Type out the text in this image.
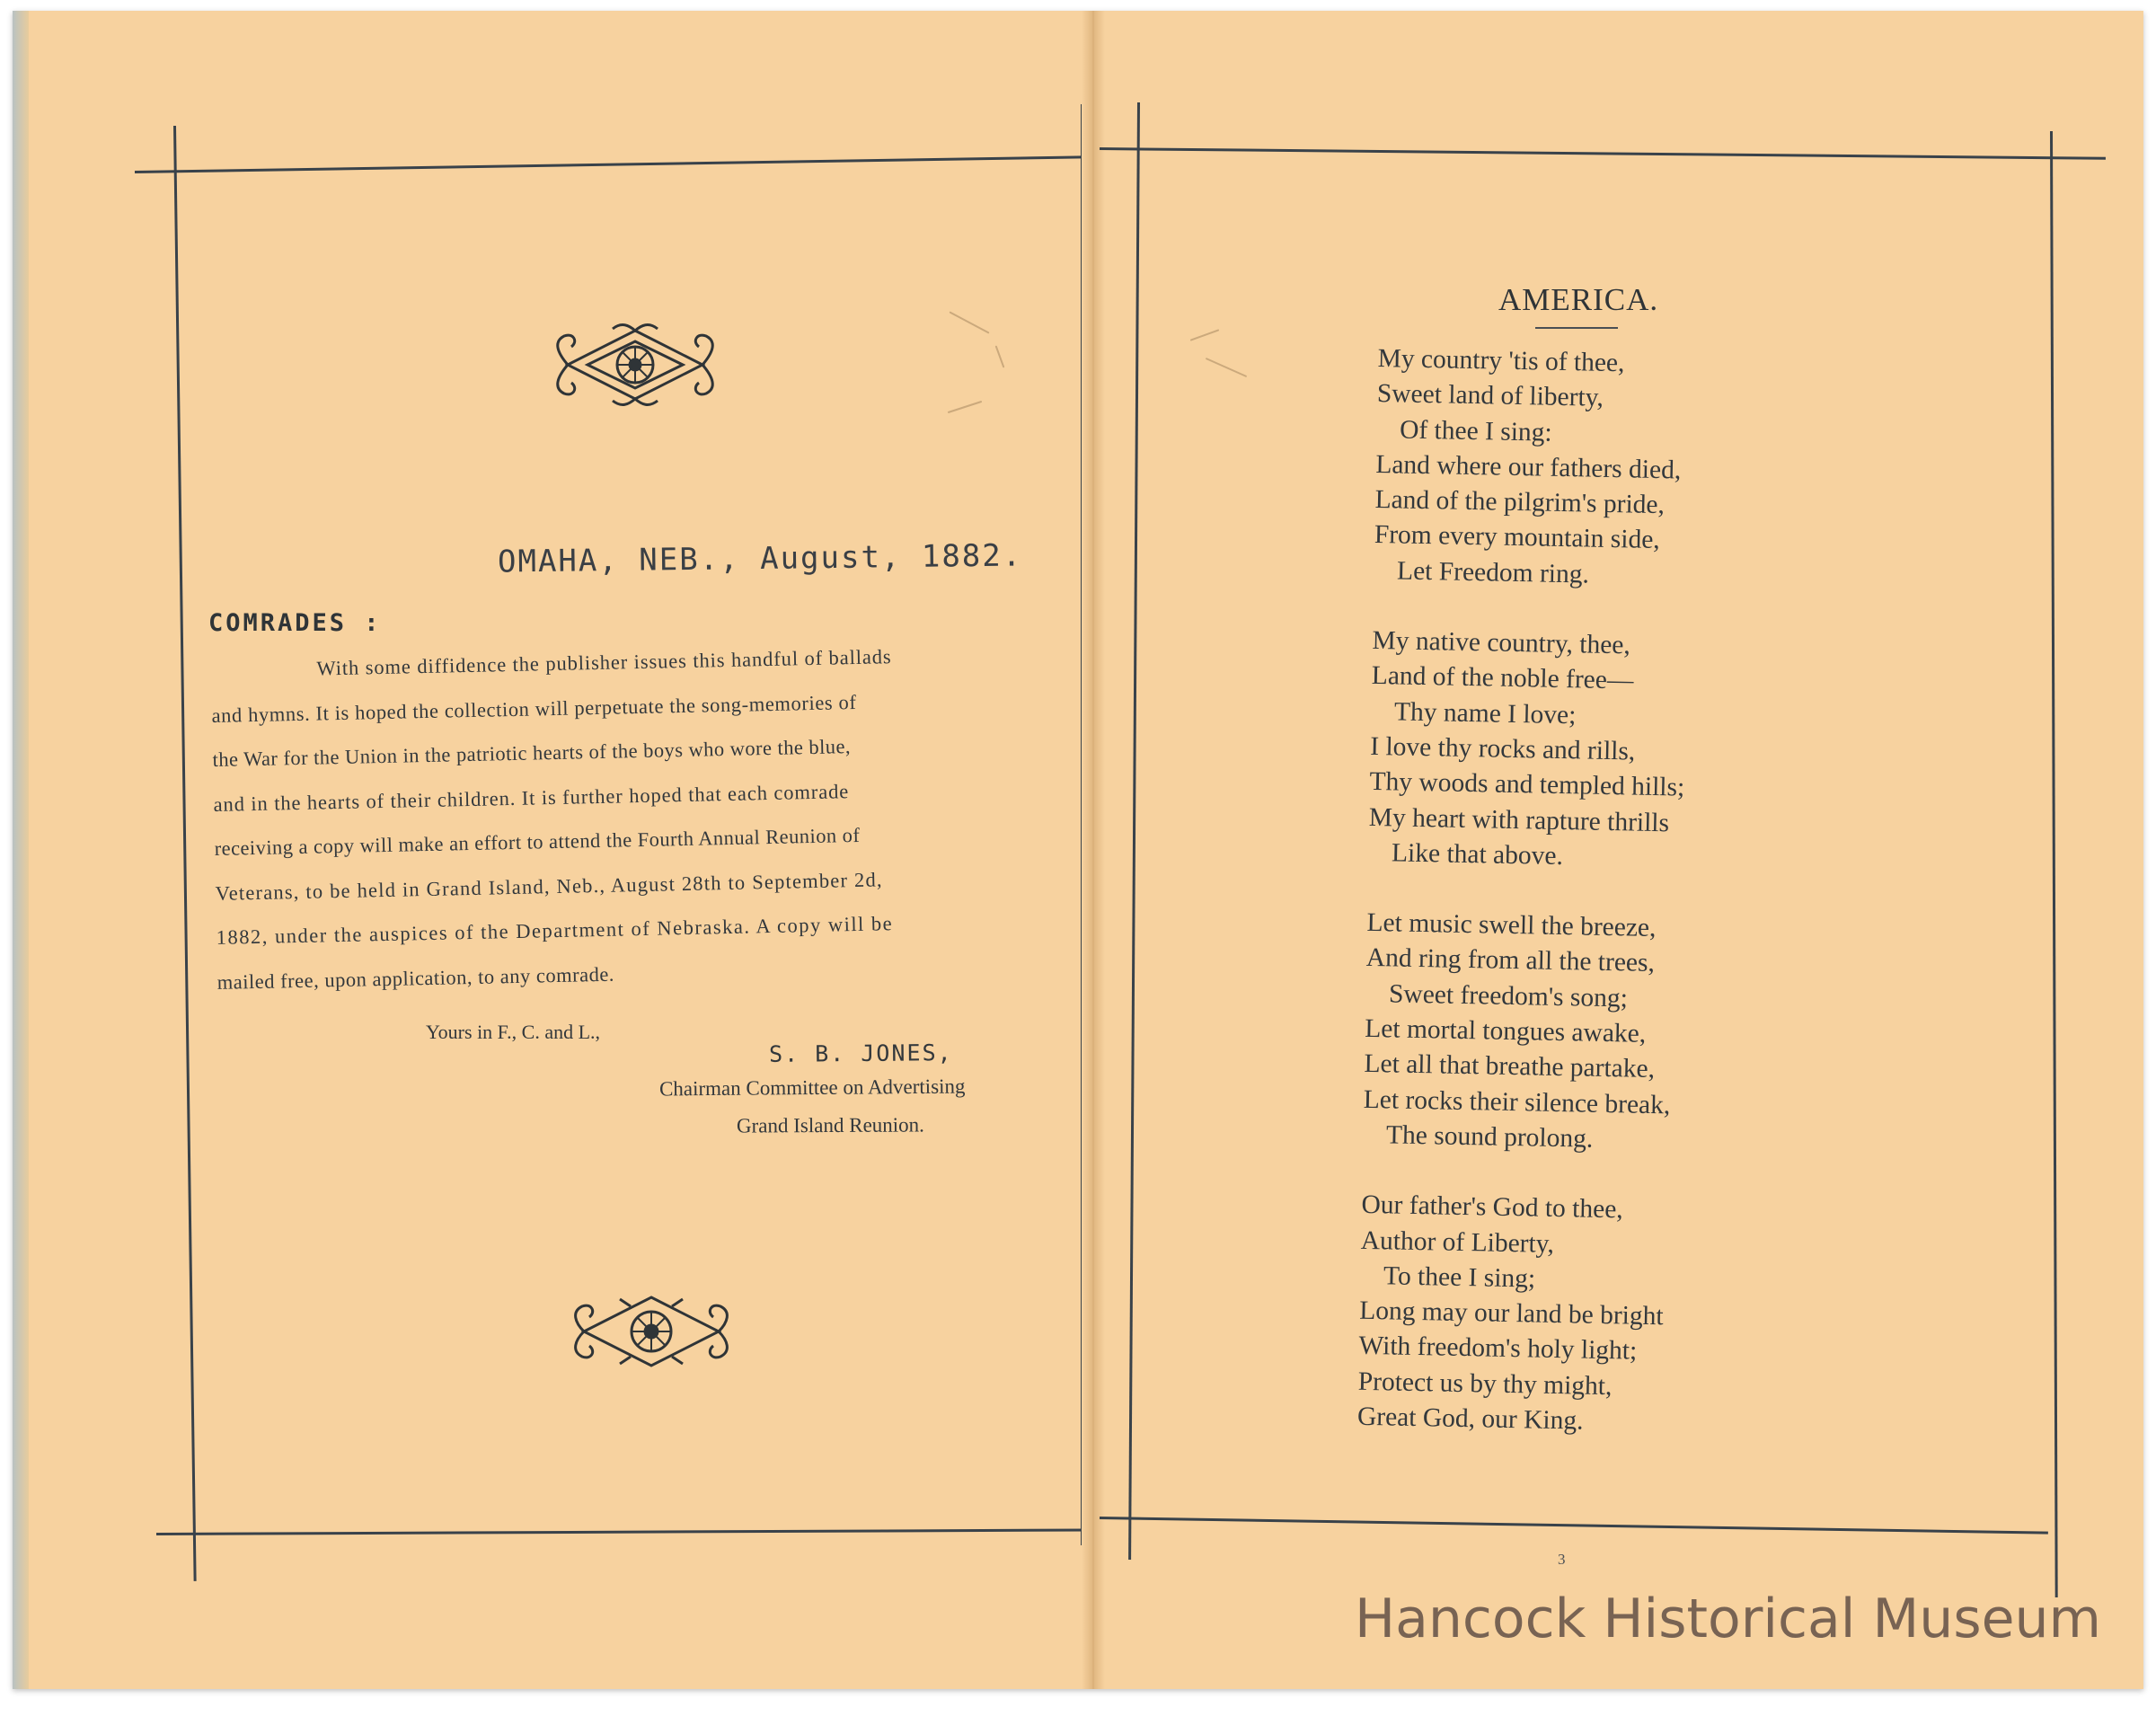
OMAHA, NEB., August, 1882.
COMRADES :
With some diffidence the publisher issues this handful of ballads
and hymns. It is hoped the collection will perpetuate the song-memories of
the War for the Union in the patriotic hearts of the boys who wore the blue,
and in the hearts of their children. It is further hoped that each comrade
receiving a copy will make an effort to attend the Fourth Annual Reunion of
Veterans, to be held in Grand Island, Neb., August 28th to September 2d,
1882, under the auspices of the Department of Nebraska. A copy will be
mailed free, upon application, to any comrade.
Yours in F., C. and L.,
S. B. JONES,
Chairman Committee on Advertising
Grand Island Reunion.
AMERICA.
My country 'tis of thee,
Sweet land of liberty,
Of thee I sing:
Land where our fathers died,
Land of the pilgrim's pride,
From every mountain side,
Let Freedom ring.
My native country, thee,
Land of the noble free—
Thy name I love;
I love thy rocks and rills,
Thy woods and templed hills;
My heart with rapture thrills
Like that above.
Let music swell the breeze,
And ring from all the trees,
Sweet freedom's song;
Let mortal tongues awake,
Let all that breathe partake,
Let rocks their silence break,
The sound prolong.
Our father's God to thee,
Author of Liberty,
To thee I sing;
Long may our land be bright
With freedom's holy light;
Protect us by thy might,
Great God, our King.
3
Hancock Historical Museum
